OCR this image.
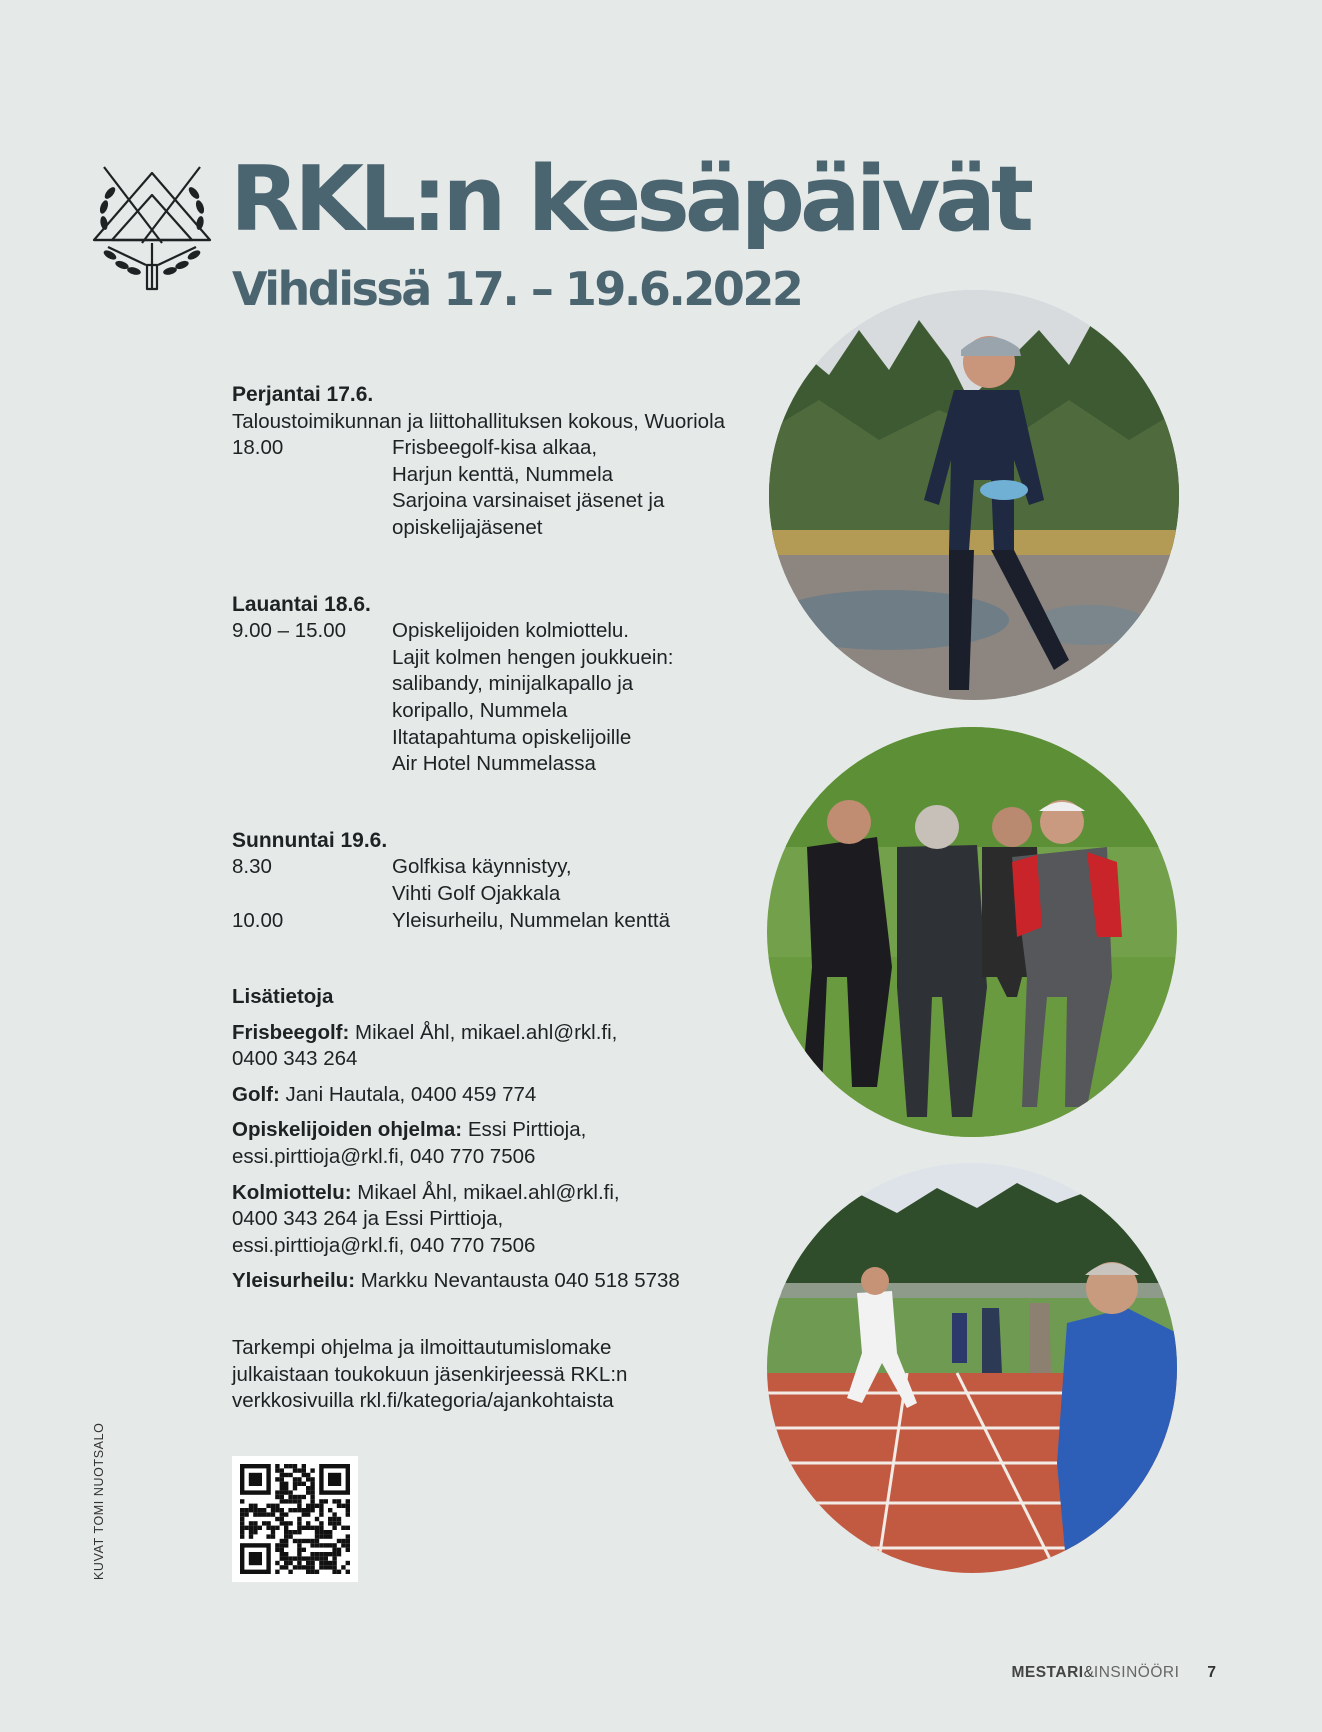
RKL:n kesäpäivät
Vihdissä 17. – 19.6.2022
Perjantai 17.6.
Taloustoimikunnan ja liittohallituksen kokous, Wuoriola
18.00	Frisbeegolf-kisa alkaa,
Harjun kenttä, Nummela
Sarjoina varsinaiset jäsenet ja
opiskelijajäsenet
Lauantai 18.6.
9.00 – 15.00	Opiskelijoiden kolmiottelu.
Lajit kolmen hengen joukkuein:
salibandy, minijalkapallo ja
koripallo, Nummela
Iltatapahtuma opiskelijoille
Air Hotel Nummelassa
Sunnuntai 19.6.
8.30	Golfkisa käynnistyy,
Vihti Golf Ojakkala
10.00	Yleisurheilu, Nummelan kenttä
Lisätietoja
Frisbeegolf: Mikael Åhl, mikael.ahl@rkl.fi,
0400 343 264
Golf: Jani Hautala, 0400 459 774
Opiskelijoiden ohjelma: Essi Pirttioja,
essi.pirttioja@rkl.fi, 040 770 7506
Kolmiottelu: Mikael Åhl, mikael.ahl@rkl.fi,
0400 343 264 ja Essi Pirttioja,
essi.pirttioja@rkl.fi, 040 770 7506
Yleisurheilu: Markku Nevantausta 040 518 5738
Tarkempi ohjelma ja ilmoittautumislomake
julkaistaan toukokuun jäsenkirjeessä RKL:n
verkkosivuilla rkl.fi/kategoria/ajankohtaista
KUVAT TOMI NUOTSALO
MESTARI&INSINÖÖRI 7
